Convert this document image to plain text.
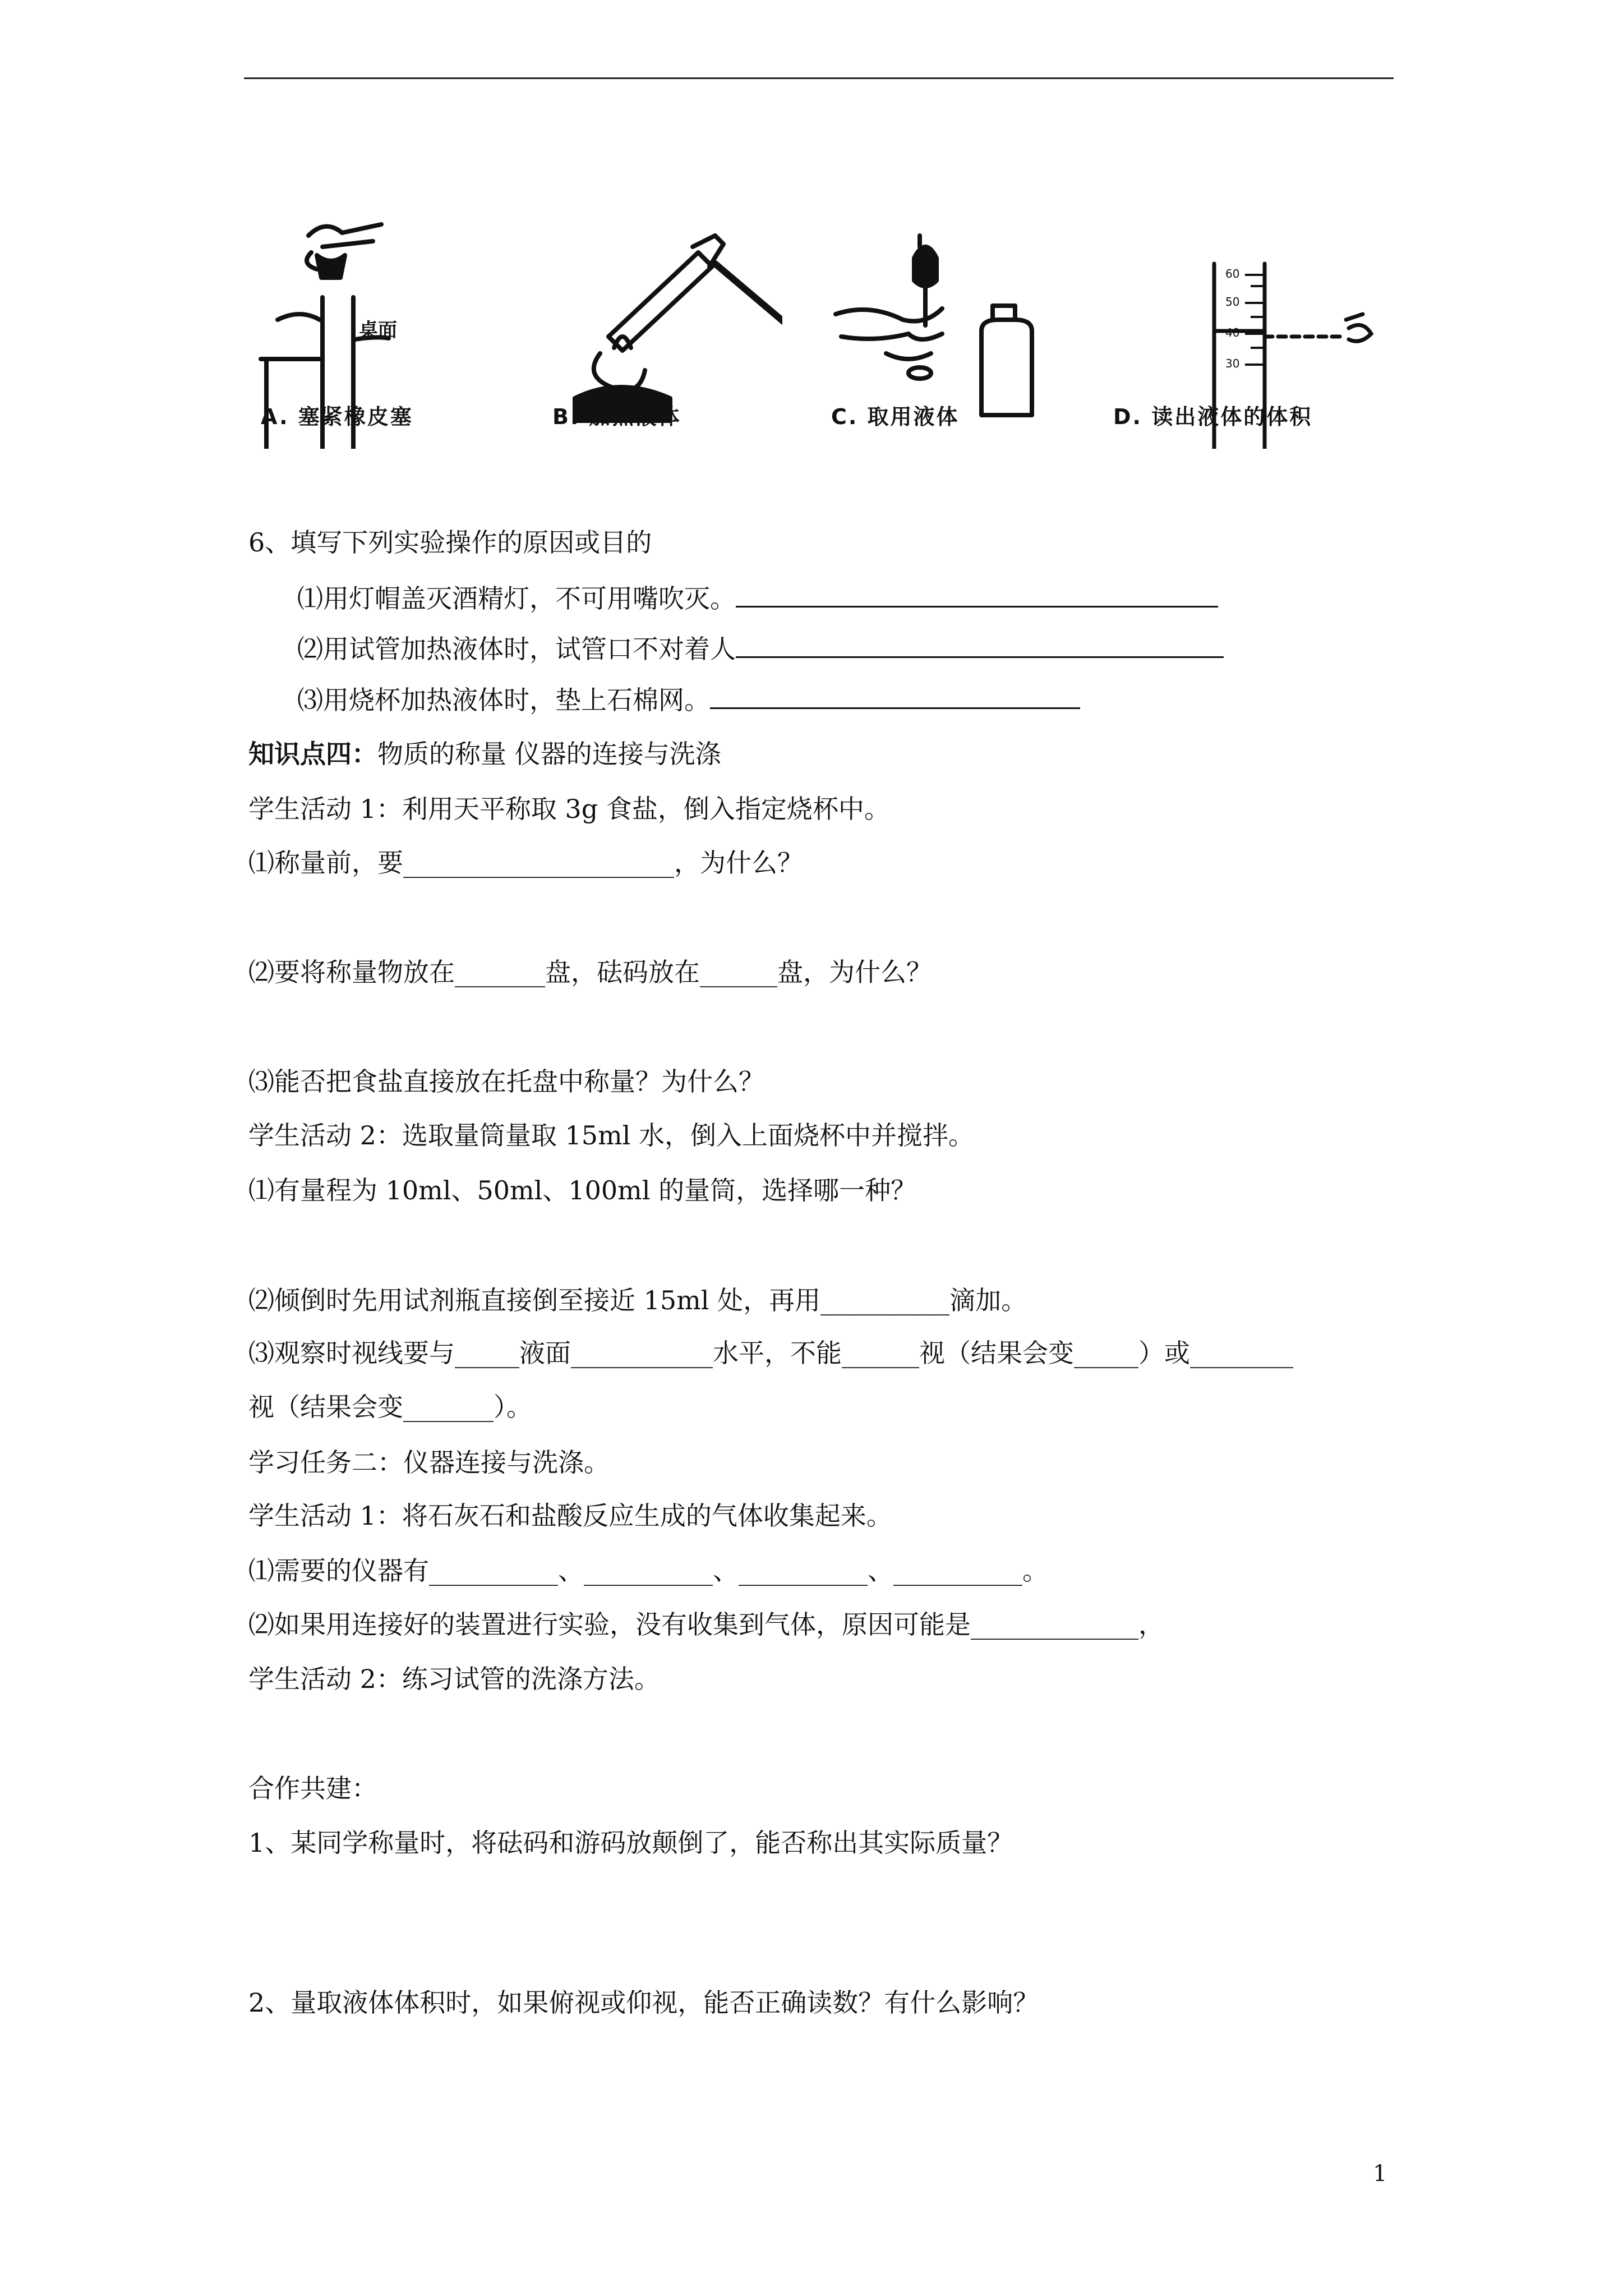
桌面
60
50
40
30
A. 塞紧橡皮塞	B. 加热液体	C. 取用液体	D. 读出液体的体积
6、填写下列实验操作的原因或目的
⑴用灯帽盖灭酒精灯，不可用嘴吹灭。
⑵用试管加热液体时，试管口不对着人
⑶用烧杯加热液体时，垫上石棉网。
知识点四：物质的称量 仪器的连接与洗涤
学生活动 1：利用天平称取 3g 食盐，倒入指定烧杯中。
⑴称量前，要_____________________，为什么？
⑵要将称量物放在_______盘，砝码放在______盘，为什么？
⑶能否把食盐直接放在托盘中称量？为什么？
学生活动 2：选取量筒量取 15ml 水，倒入上面烧杯中并搅拌。
⑴有量程为 10ml、50ml、100ml 的量筒，选择哪一种？
⑵倾倒时先用试剂瓶直接倒至接近 15ml 处，再用__________滴加。
⑶观察时视线要与_____液面___________水平，不能______视（结果会变_____）或________
视（结果会变_______）。
学习任务二：仪器连接与洗涤。
学生活动 1：将石灰石和盐酸反应生成的气体收集起来。
⑴需要的仪器有__________、__________、__________、__________。
⑵如果用连接好的装置进行实验，没有收集到气体，原因可能是_____________，
学生活动 2：练习试管的洗涤方法。
合作共建：
1、某同学称量时，将砝码和游码放颠倒了，能否称出其实际质量？
2、量取液体体积时，如果俯视或仰视，能否正确读数？有什么影响？
1
